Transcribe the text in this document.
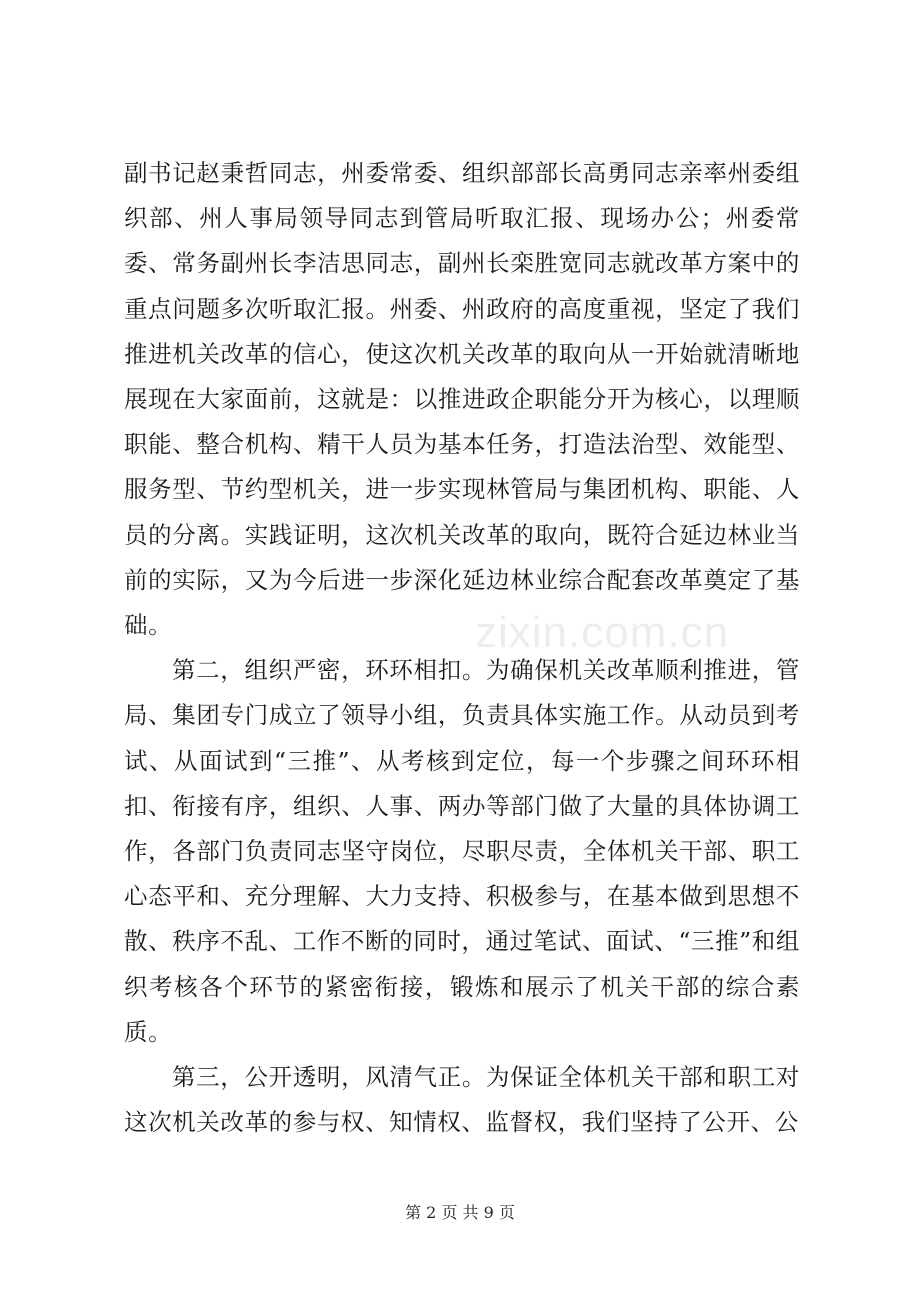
副书记赵秉哲同志，州委常委、组织部部长高勇同志亲率州委组织部、州人事局领导同志到管局听取汇报、现场办公；州委常委、常务副州长李洁思同志，副州长栾胜宽同志就改革方案中的重点问题多次听取汇报。州委、州政府的高度重视，坚定了我们推进机关改革的信心，使这次机关改革的取向从一开始就清晰地展现在大家面前，这就是：以推进政企职能分开为核心，以理顺职能、整合机构、精干人员为基本任务，打造法治型、效能型、服务型、节约型机关，进一步实现林管局与集团机构、职能、人员的分离。实践证明，这次机关改革的取向，既符合延边林业当前的实际，又为今后进一步深化延边林业综合配套改革奠定了基础。

第二，组织严密，环环相扣。为确保机关改革顺利推进，管局、集团专门成立了领导小组，负责具体实施工作。从动员到考试、从面试到“三推”、从考核到定位，每一个步骤之间环环相扣、衔接有序，组织、人事、两办等部门做了大量的具体协调工作，各部门负责同志坚守岗位，尽职尽责，全体机关干部、职工心态平和、充分理解、大力支持、积极参与，在基本做到思想不散、秩序不乱、工作不断的同时，通过笔试、面试、“三推”和组织考核各个环节的紧密衔接，锻炼和展示了机关干部的综合素质。

第三，公开透明，风清气正。为保证全体机关干部和职工对这次机关改革的参与权、知情权、监督权，我们坚持了公开、公

zixin.com.cn
第 2 页 共 9 页
